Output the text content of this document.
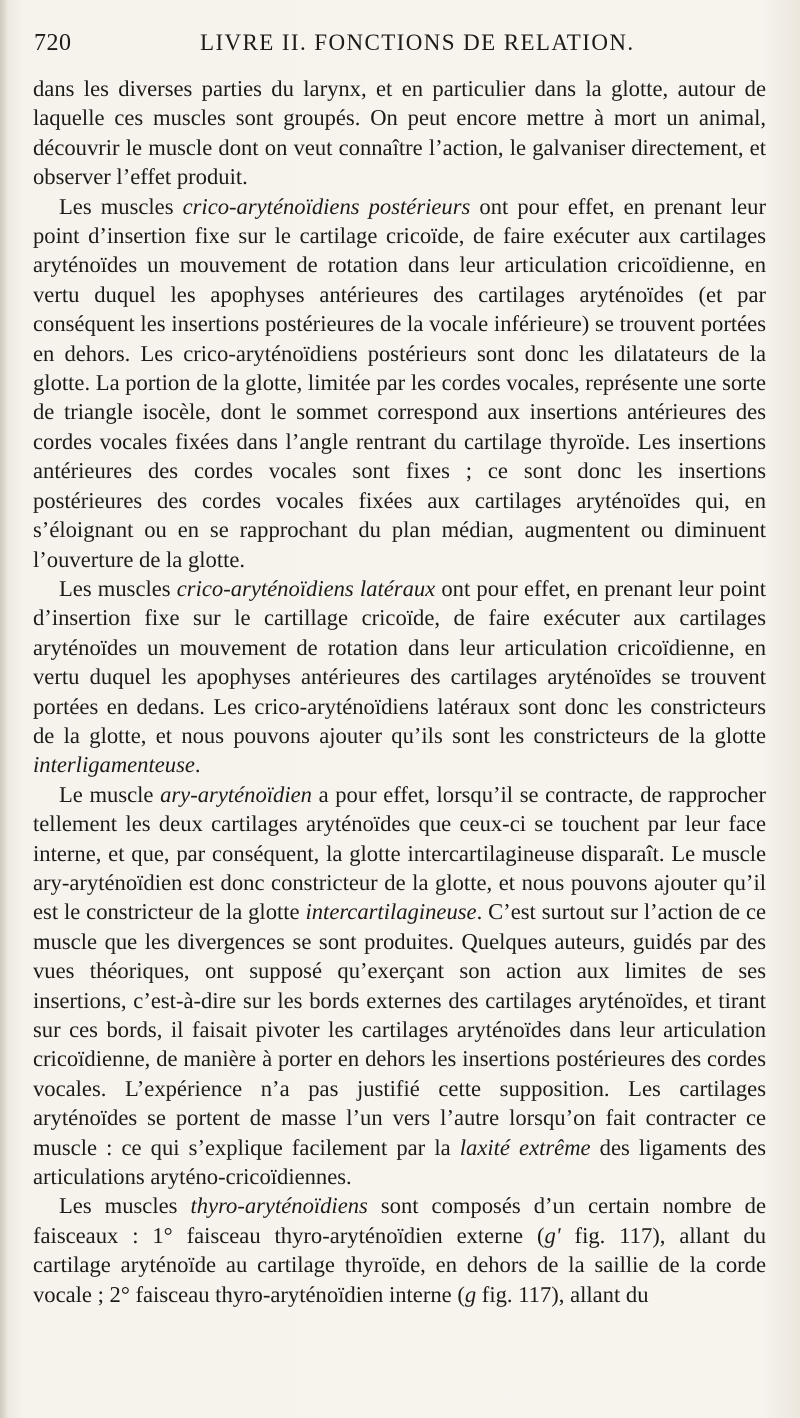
720	LIVRE II. FONCTIONS DE RELATION.

dans les diverses parties du larynx, et en particulier dans la glotte, autour de laquelle ces muscles sont groupés. On peut encore mettre à mort un animal, découvrir le muscle dont on veut connaître l’action, le galvaniser directement, et observer l’effet produit.

Les muscles crico-aryténoïdiens postérieurs ont pour effet, en prenant leur point d’insertion fixe sur le cartilage cricoïde, de faire exécuter aux cartilages aryténoïdes un mouvement de rotation dans leur articulation cricoïdienne, en vertu duquel les apophyses antérieures des cartilages aryténoïdes (et par conséquent les insertions postérieures de la vocale inférieure) se trouvent portées en dehors. Les crico-aryténoïdiens postérieurs sont donc les dilatateurs de la glotte. La portion de la glotte, limitée par les cordes vocales, représente une sorte de triangle isocèle, dont le sommet correspond aux insertions antérieures des cordes vocales fixées dans l’angle rentrant du cartilage thyroïde. Les insertions antérieures des cordes vocales sont fixes ; ce sont donc les insertions postérieures des cordes vocales fixées aux cartilages aryténoïdes qui, en s’éloignant ou en se rapprochant du plan médian, augmentent ou diminuent l’ouverture de la glotte.

Les muscles crico-aryténoïdiens latéraux ont pour effet, en prenant leur point d’insertion fixe sur le cartillage cricoïde, de faire exécuter aux cartilages aryténoïdes un mouvement de rotation dans leur articulation cricoïdienne, en vertu duquel les apophyses antérieures des cartilages aryténoïdes se trouvent portées en dedans. Les crico-aryténoïdiens latéraux sont donc les constricteurs de la glotte, et nous pouvons ajouter qu’ils sont les constricteurs de la glotte interligamenteuse.

Le muscle ary-aryténoïdien a pour effet, lorsqu’il se contracte, de rapprocher tellement les deux cartilages aryténoïdes que ceux-ci se touchent par leur face interne, et que, par conséquent, la glotte intercartilagineuse disparaît. Le muscle ary-aryténoïdien est donc constricteur de la glotte, et nous pouvons ajouter qu’il est le constricteur de la glotte intercartilagineuse. C’est surtout sur l’action de ce muscle que les divergences se sont produites. Quelques auteurs, guidés par des vues théoriques, ont supposé qu’exerçant son action aux limites de ses insertions, c’est-à-dire sur les bords externes des cartilages aryténoïdes, et tirant sur ces bords, il faisait pivoter les cartilages aryténoïdes dans leur articulation cricoïdienne, de manière à porter en dehors les insertions postérieures des cordes vocales. L’expérience n’a pas justifié cette supposition. Les cartilages aryténoïdes se portent de masse l’un vers l’autre lorsqu’on fait contracter ce muscle : ce qui s’explique facilement par la laxité extrême des ligaments des articulations aryténo-cricoïdiennes.

Les muscles thyro-aryténoïdiens sont composés d’un certain nombre de faisceaux : 1° faisceau thyro-aryténoïdien externe (g' fig. 117), allant du cartilage aryténoïde au cartilage thyroïde, en dehors de la saillie de la corde vocale ; 2° faisceau thyro-aryténoïdien interne (g fig. 117), allant du
